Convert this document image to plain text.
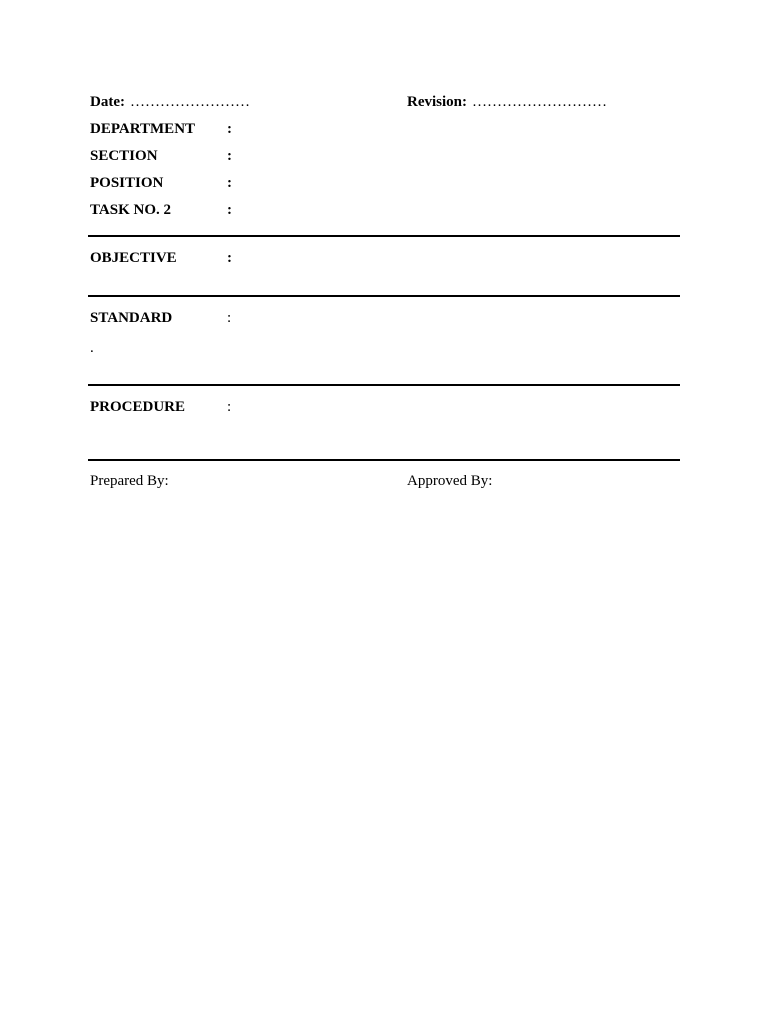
Date: ……………………	Revision: ………………………
DEPARTMENT :
SECTION	:
POSITION	:
TASK NO. 2	:
OBJECTIVE	:
STANDARD	:
.
PROCEDURE	:
Prepared By:	Approved By:
